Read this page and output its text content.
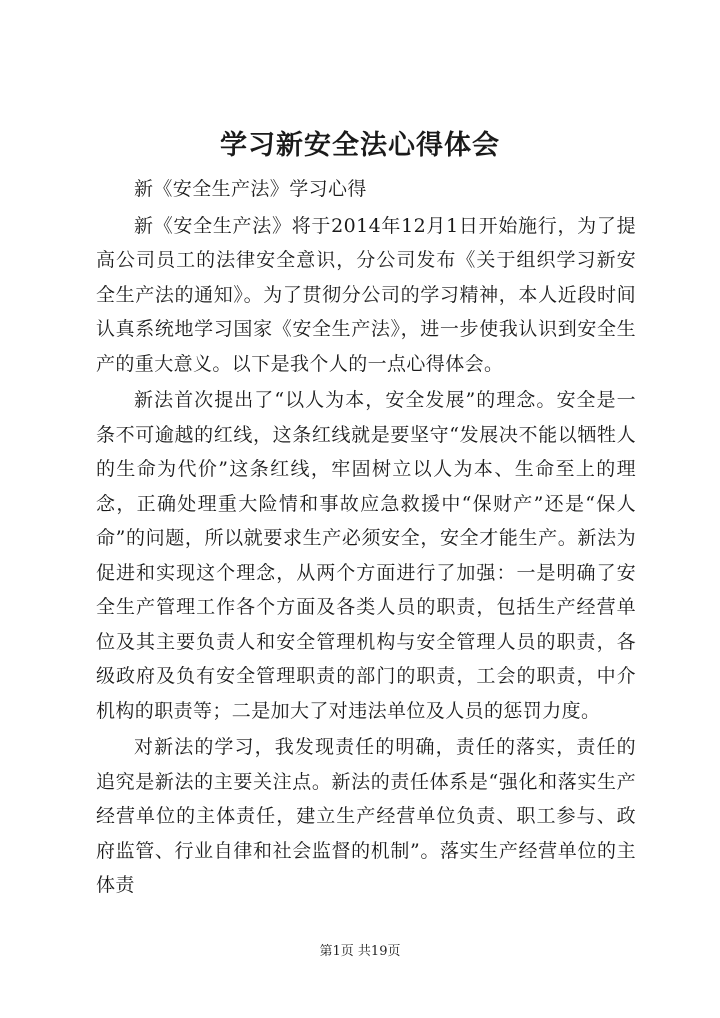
学习新安全法心得体会

新《安全生产法》学习心得

新《安全生产法》将于2014年12月1日开始施行，为了提高公司员工的法律安全意识，分公司发布《关于组织学习新安全生产法的通知》。为了贯彻分公司的学习精神，本人近段时间认真系统地学习国家《安全生产法》，进一步使我认识到安全生产的重大意义。以下是我个人的一点心得体会。

新法首次提出了“以人为本，安全发展”的理念。安全是一条不可逾越的红线，这条红线就是要坚守“发展决不能以牺牲人的生命为代价”这条红线，牢固树立以人为本、生命至上的理念，正确处理重大险情和事故应急救援中“保财产”还是“保人命”的问题，所以就要求生产必须安全，安全才能生产。新法为促进和实现这个理念，从两个方面进行了加强：一是明确了安全生产管理工作各个方面及各类人员的职责，包括生产经营单位及其主要负责人和安全管理机构与安全管理人员的职责，各级政府及负有安全管理职责的部门的职责，工会的职责，中介机构的职责等；二是加大了对违法单位及人员的惩罚力度。

对新法的学习，我发现责任的明确，责任的落实，责任的追究是新法的主要关注点。新法的责任体系是“强化和落实生产经营单位的主体责任，建立生产经营单位负责、职工参与、政府监管、行业自律和社会监督的机制”。落实生产经营单位的主体责

第1页 共19页
